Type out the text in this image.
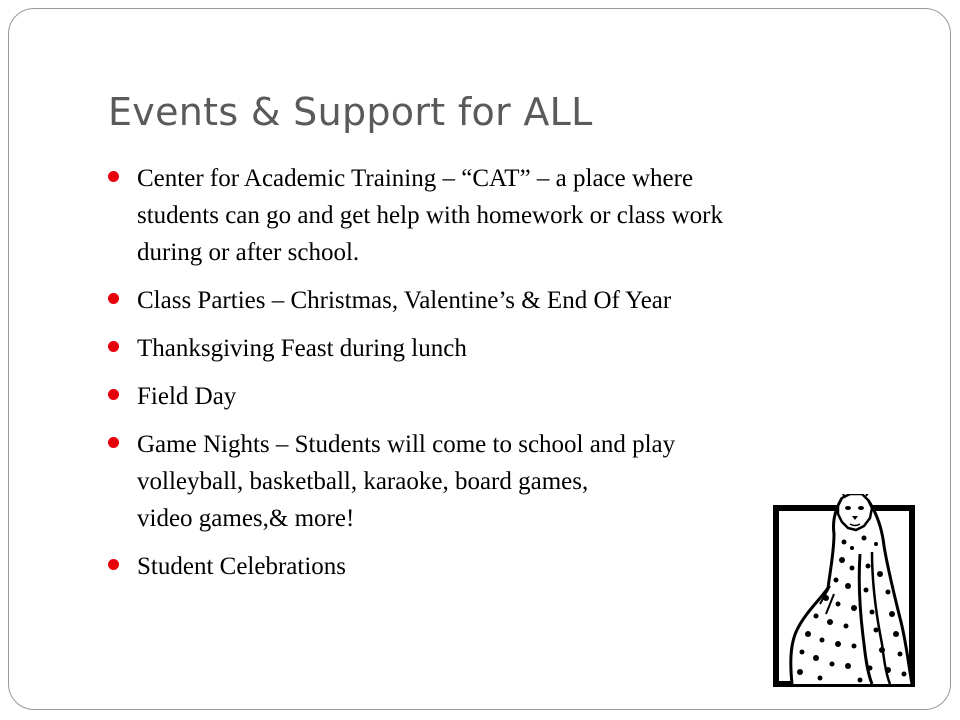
Events & Support for ALL
Center for Academic Training – “CAT” – a place where
students can go and get help with homework or class work
during or after school.
Class Parties – Christmas, Valentine’s & End Of Year
Thanksgiving Feast during lunch
Field Day
Game Nights – Students will come to school and play
volleyball, basketball, karaoke, board games,
video games,& more!
Student Celebrations
